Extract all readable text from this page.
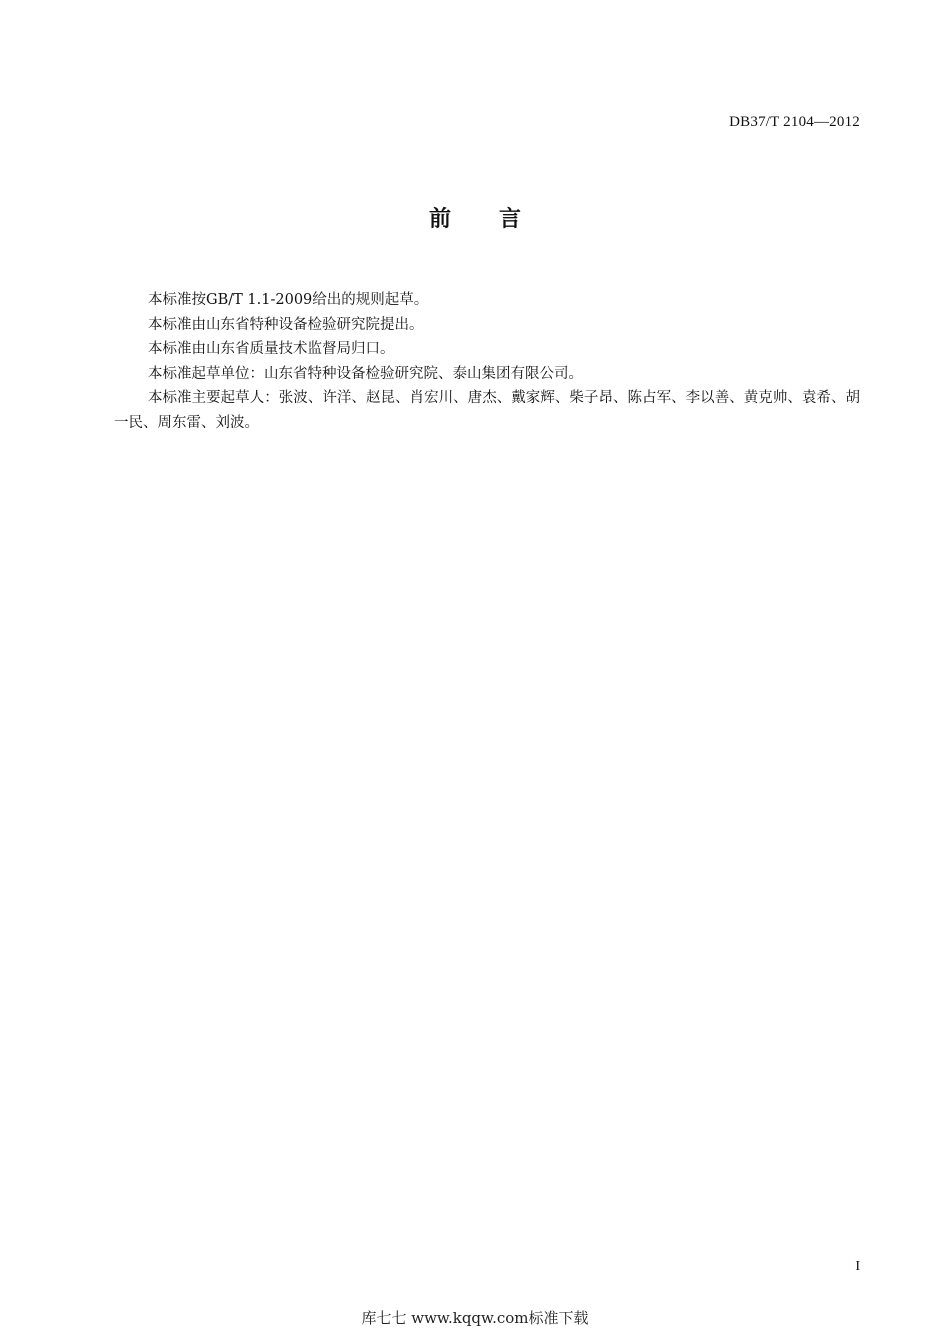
DB37/T 2104—2012
前 言

本标准按GB/T 1.1-2009给出的规则起草。

本标准由山东省特种设备检验研究院提出。

本标准由山东省质量技术监督局归口。

本标准起草单位：山东省特种设备检验研究院、泰山集团有限公司。

本标准主要起草人：张波、许洋、赵昆、肖宏川、唐杰、戴家辉、柴子昂、陈占军、李以善、黄克帅、袁希、胡一民、周东雷、刘波。

I
库七七 www.kqqw.com标准下载
